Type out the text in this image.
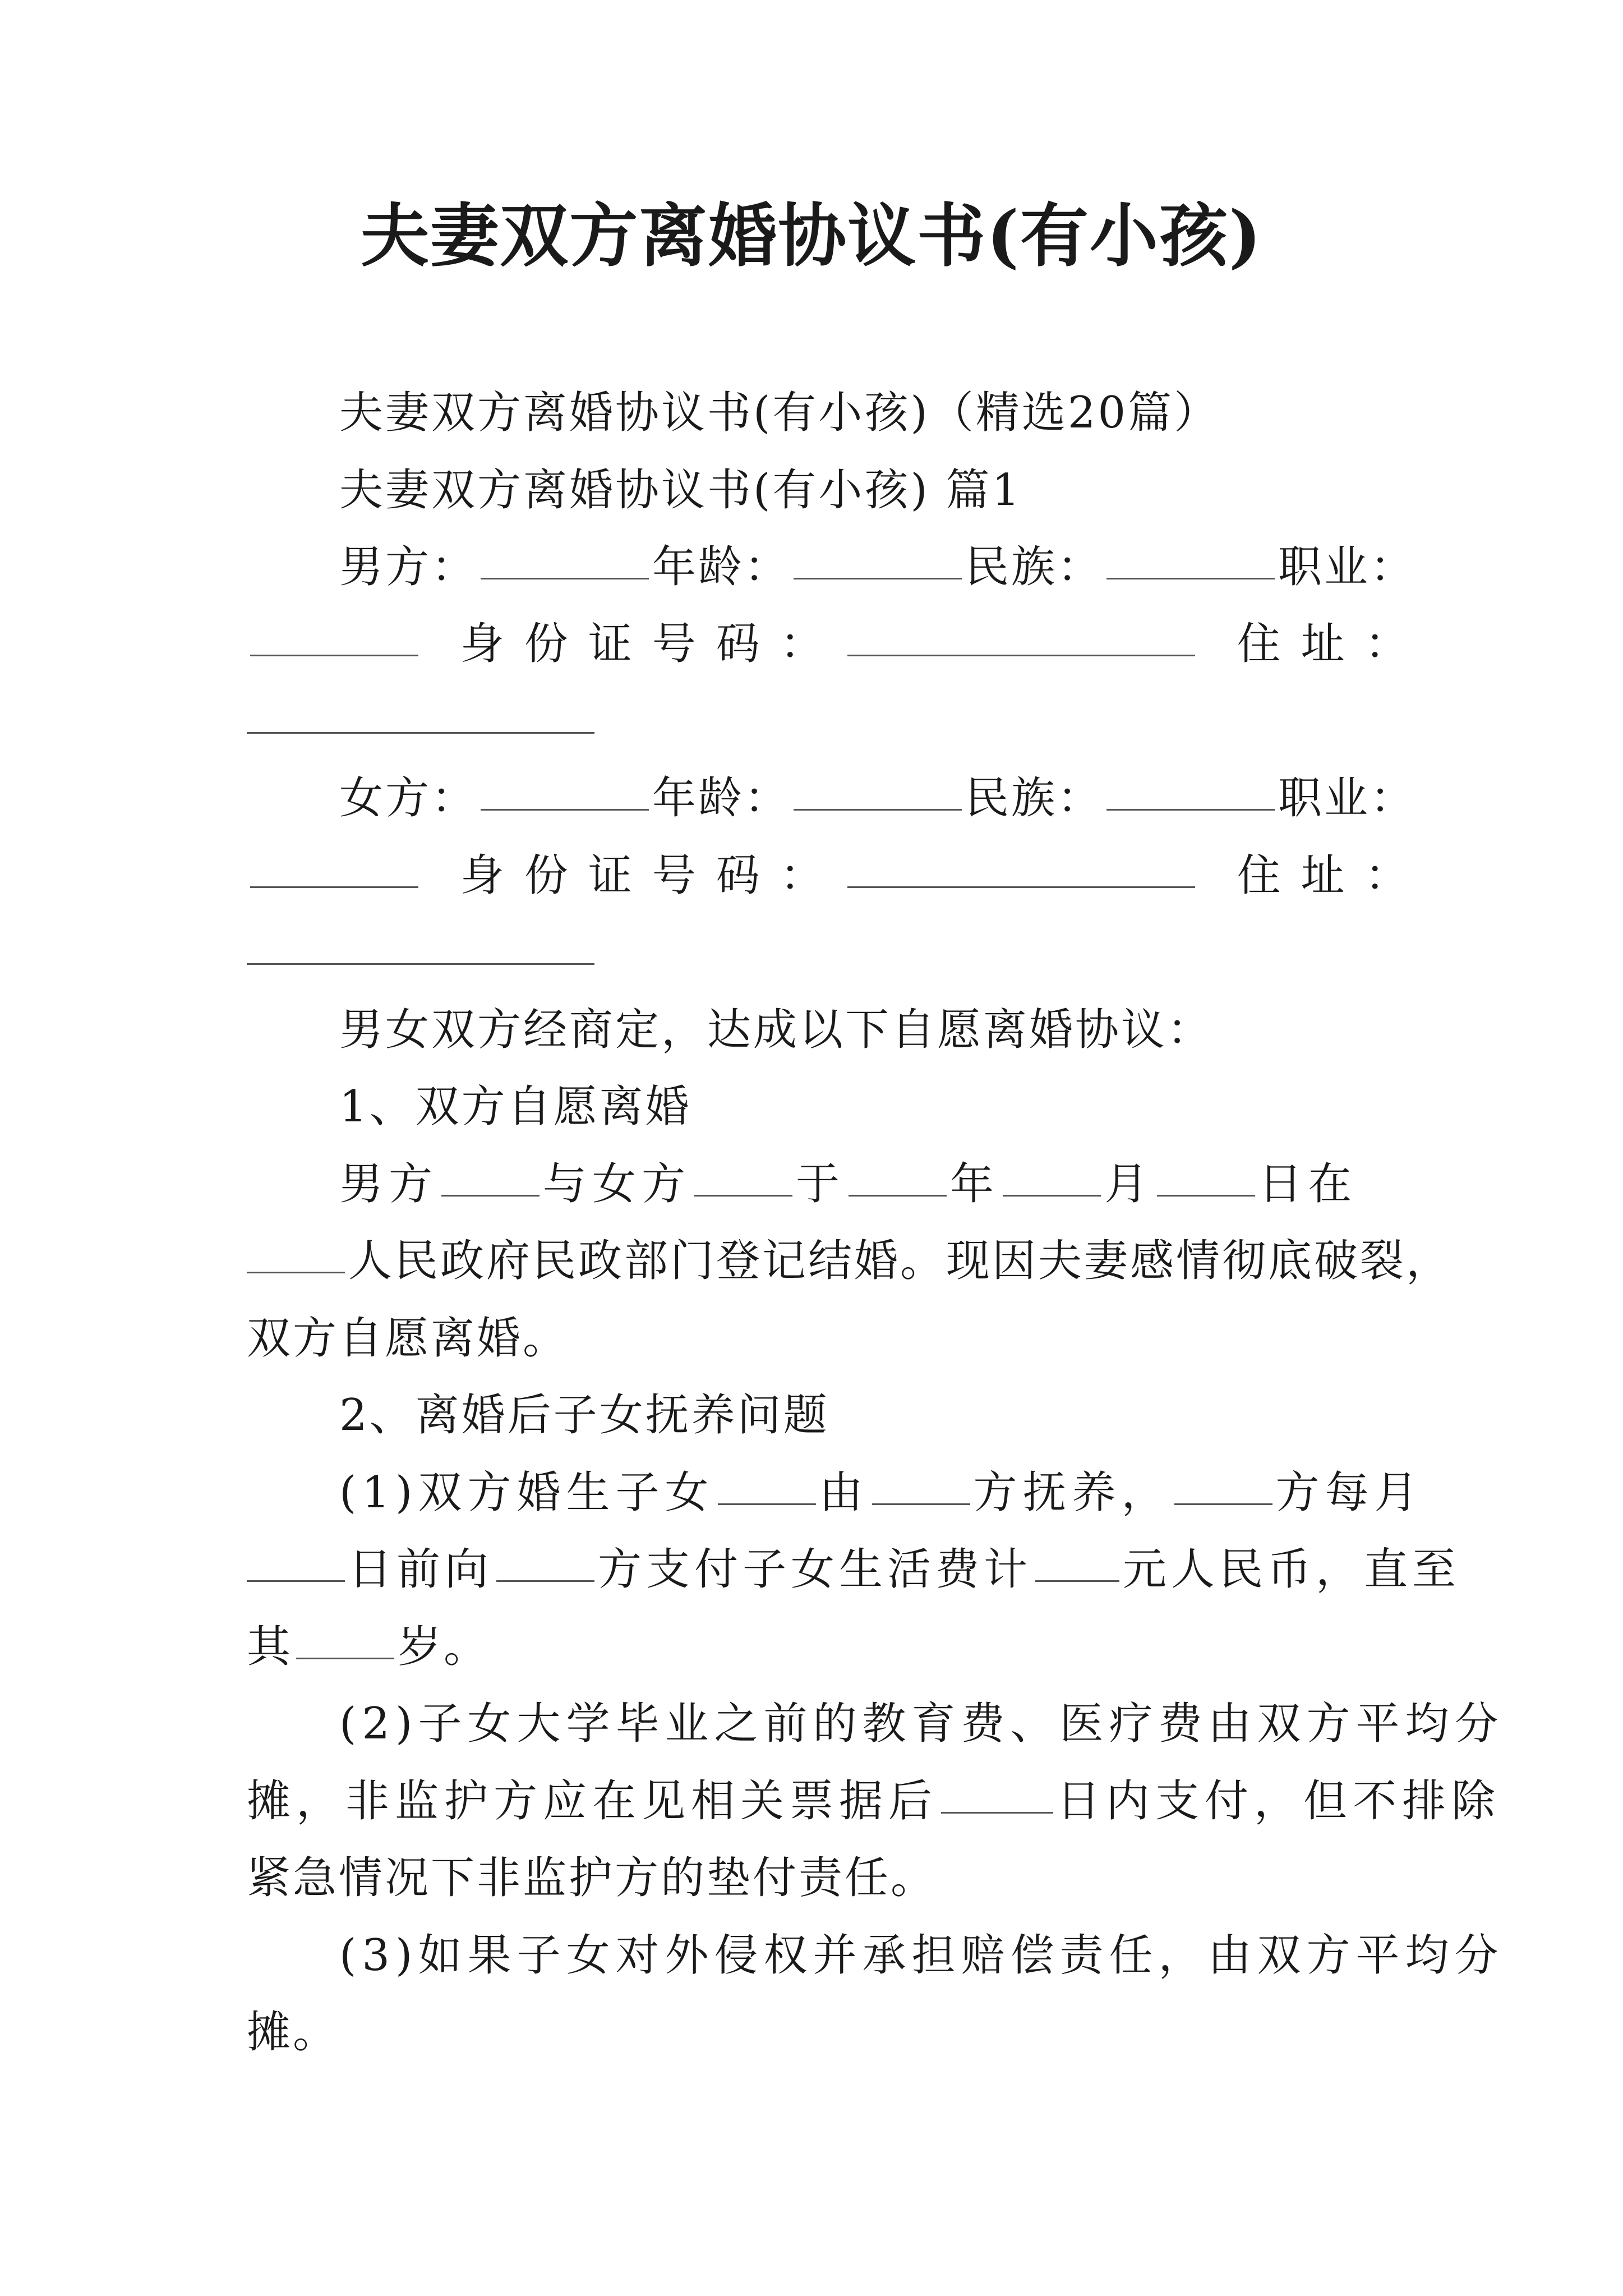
夫妻双方离婚协议书(有小孩)
夫妻双方离婚协议书(有小孩)（精选20篇）
夫妻双方离婚协议书(有小孩) 篇1
男方：	年龄：	民族：	职业：
身份证号码：	住址：
女方：	年龄：	民族：	职业：
身份证号码：	住址：
男女双方经商定，达成以下自愿离婚协议：
1、双方自愿离婚
男方 与女方 于 年 月 日在
人民政府民政部门登记结婚。现因夫妻感情彻底破裂，
双方自愿离婚。
2、离婚后子女抚养问题
(1)双方婚生子女 由 方抚养， 方每月
日前向 方支付子女生活费计 元人民币，直至
其 岁。
(2)子女大学毕业之前的教育费、医疗费由双方平均分
摊，非监护方应在见相关票据后	日内支付，但不排除
紧急情况下非监护方的垫付责任。
(3)如果子女对外侵权并承担赔偿责任，由双方平均分
摊。
